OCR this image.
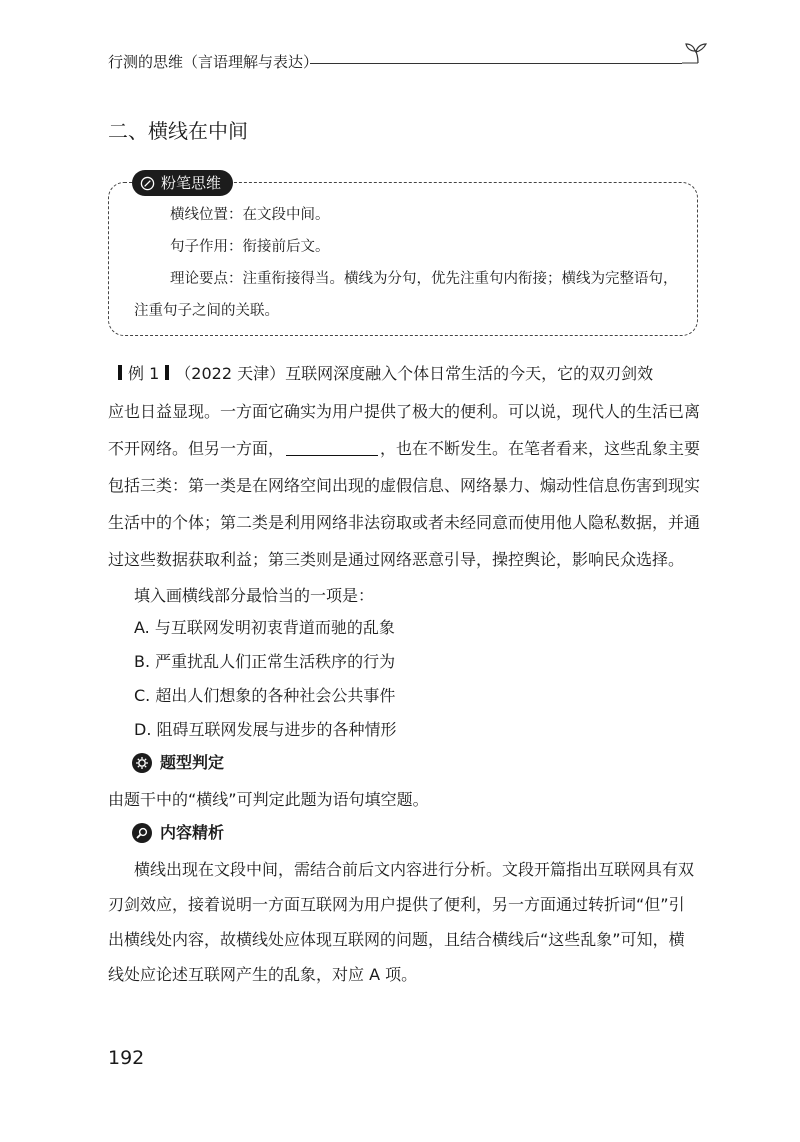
行测的思维（言语理解与表达）
二、横线在中间
粉笔思维
横线位置：在文段中间。
句子作用：衔接前后文。
理论要点：注重衔接得当。横线为分句，优先注重句内衔接；横线为完整语句，
注重句子之间的关联。
例 1 （2022 天津）互联网深度融入个体日常生活的今天，它的双刃剑效
应也日益显现。一方面它确实为用户提供了极大的便利。可以说，现代人的生活已离
不开网络。但另一方面，	，也在不断发生。在笔者看来，这些乱象主要
包括三类：第一类是在网络空间出现的虚假信息、网络暴力、煽动性信息伤害到现实
生活中的个体；第二类是利用网络非法窃取或者未经同意而使用他人隐私数据，并通
过这些数据获取利益；第三类则是通过网络恶意引导，操控舆论，影响民众选择。
填入画横线部分最恰当的一项是：
A. 与互联网发明初衷背道而驰的乱象
B. 严重扰乱人们正常生活秩序的行为
C. 超出人们想象的各种社会公共事件
D. 阻碍互联网发展与进步的各种情形
题型判定
由题干中的“横线”可判定此题为语句填空题。
内容精析
横线出现在文段中间，需结合前后文内容进行分析。文段开篇指出互联网具有双
刃剑效应，接着说明一方面互联网为用户提供了便利，另一方面通过转折词“但”引
出横线处内容，故横线处应体现互联网的问题，且结合横线后“这些乱象”可知，横
线处应论述互联网产生的乱象，对应 A 项。
192
